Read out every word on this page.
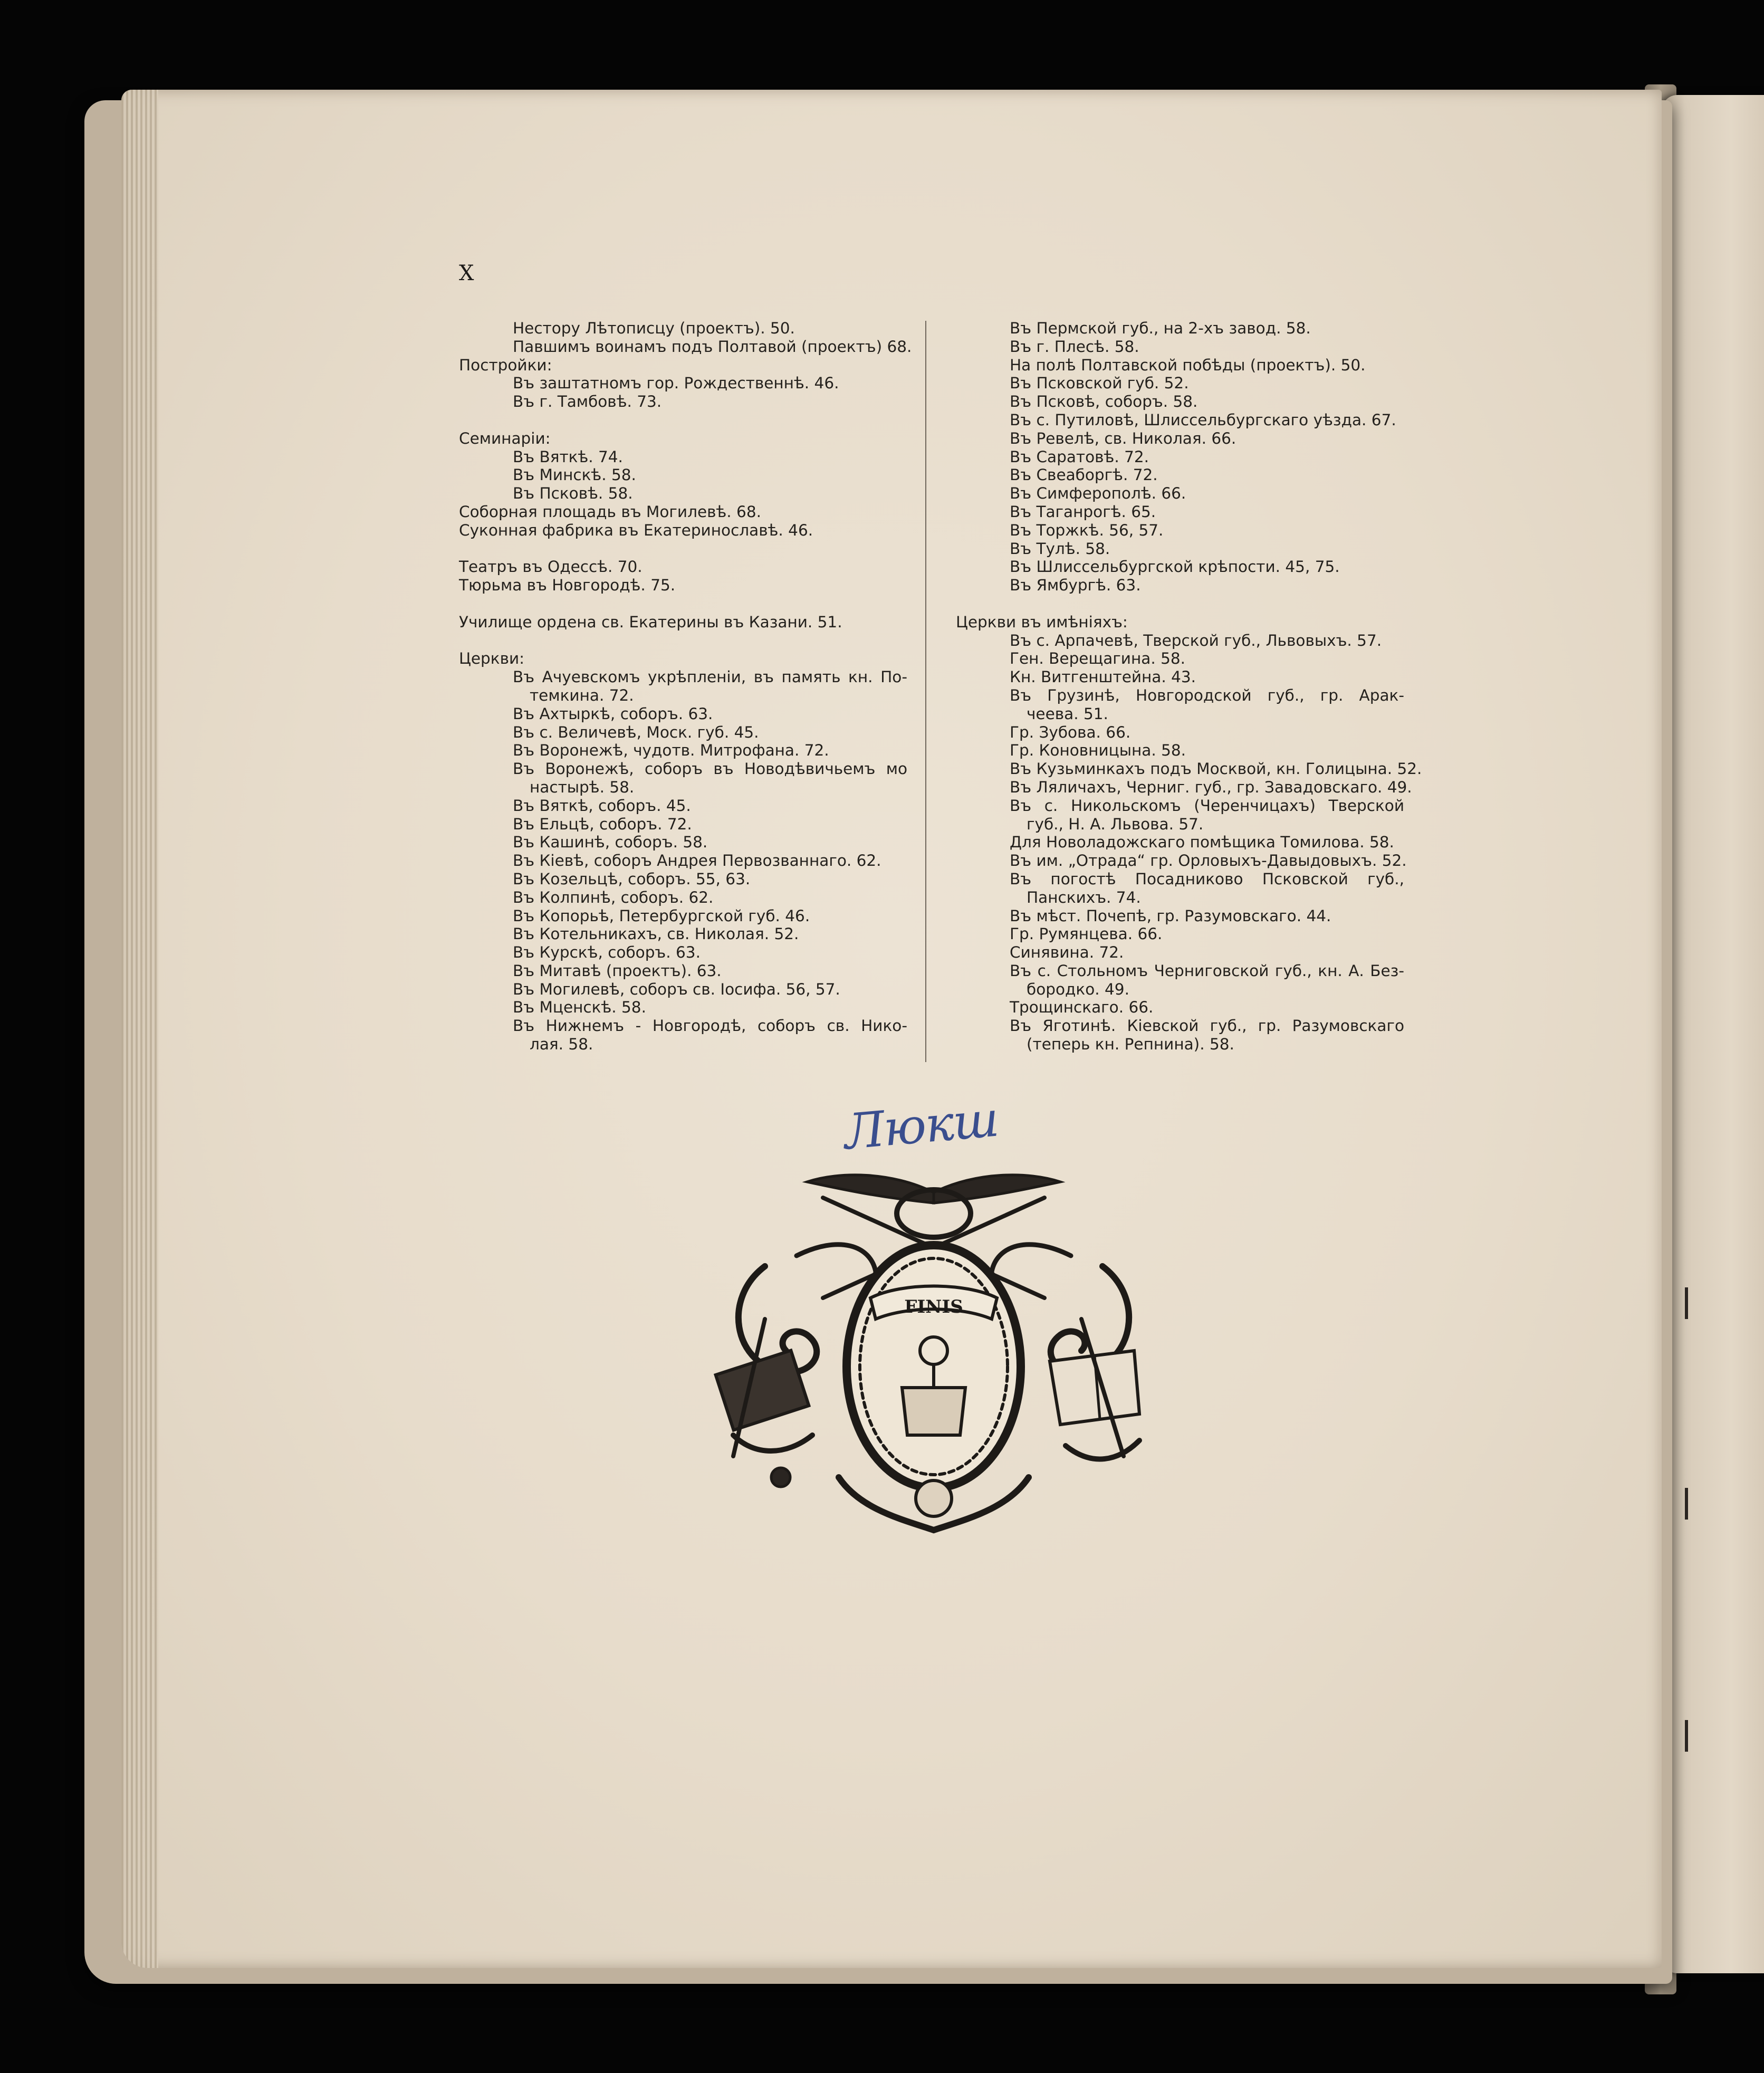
X
Нестору Лѣтописцу (проектъ). 50.
Павшимъ воинамъ подъ Полтавой (проектъ) 68.
Постройки:
Въ заштатномъ гор. Рождественнѣ. 46.
Въ г. Тамбовѣ. 73.
Семинаріи:
Въ Вяткѣ. 74.
Въ Минскѣ. 58.
Въ Псковѣ. 58.
Соборная площадь въ Могилевѣ. 68.
Суконная фабрика въ Екатеринославѣ. 46.
Театръ въ Одессѣ. 70.
Тюрьма въ Новгородѣ. 75.
Училище ордена св. Екатерины въ Казани. 51.
Церкви:
Въ Ачуевскомъ укрѣпленіи, въ память кн. По-
темкина. 72.
Въ Ахтыркѣ, соборъ. 63.
Въ с. Величевѣ, Моск. губ. 45.
Въ Воронежѣ, чудотв. Митрофана. 72.
Въ Воронежѣ, соборъ въ Новодѣвичьемъ мо
настырѣ. 58.
Въ Вяткѣ, соборъ. 45.
Въ Ельцѣ, соборъ. 72.
Въ Кашинѣ, соборъ. 58.
Въ Кіевѣ, соборъ Андрея Первозваннаго. 62.
Въ Козельцѣ, соборъ. 55, 63.
Въ Колпинѣ, соборъ. 62.
Въ Копорьѣ, Петербургской губ. 46.
Въ Котельникахъ, св. Николая. 52.
Въ Курскѣ, соборъ. 63.
Въ Митавѣ (проектъ). 63.
Въ Могилевѣ, соборъ св. Іосифа. 56, 57.
Въ Мценскѣ. 58.
Въ Нижнемъ - Новгородѣ, соборъ св. Нико-
лая. 58.
Въ Пермской губ., на 2-хъ завод. 58.
Въ г. Плесѣ. 58.
На полѣ Полтавской побѣды (проектъ). 50.
Въ Псковской губ. 52.
Въ Псковѣ, соборъ. 58.
Въ с. Путиловѣ, Шлиссельбургскаго уѣзда. 67.
Въ Ревелѣ, св. Николая. 66.
Въ Саратовѣ. 72.
Въ Свеаборгѣ. 72.
Въ Симферополѣ. 66.
Въ Таганрогѣ. 65.
Въ Торжкѣ. 56, 57.
Въ Тулѣ. 58.
Въ Шлиссельбургской крѣпости. 45, 75.
Въ Ямбургѣ. 63.
Церкви въ имѣніяхъ:
Въ с. Арпачевѣ, Тверской губ., Львовыхъ. 57.
Ген. Верещагина. 58.
Кн. Витгенштейна. 43.
Въ Грузинѣ, Новгородской губ., гр. Арак-
чеева. 51.
Гр. Зубова. 66.
Гр. Коновницына. 58.
Въ Кузьминкахъ подъ Москвой, кн. Голицына. 52.
Въ Ляличахъ, Черниг. губ., гр. Завадовскаго. 49.
Въ с. Никольскомъ (Черенчицахъ) Тверской
губ., Н. А. Львова. 57.
Для Новоладожскаго помѣщика Томилова. 58.
Въ им. „Отрада“ гр. Орловыхъ-Давыдовыхъ. 52.
Въ погостѣ Посадниково Псковской губ.,
Панскихъ. 74.
Въ мѣст. Почепѣ, гр. Разумовскаго. 44.
Гр. Румянцева. 66.
Синявина. 72.
Въ с. Стольномъ Черниговской губ., кн. А. Без-
бородко. 49.
Трощинскаго. 66.
Въ Яготинѣ. Кіевской губ., гр. Разумовскаго
(теперь кн. Репнина). 58.
Люкш
FINIS
